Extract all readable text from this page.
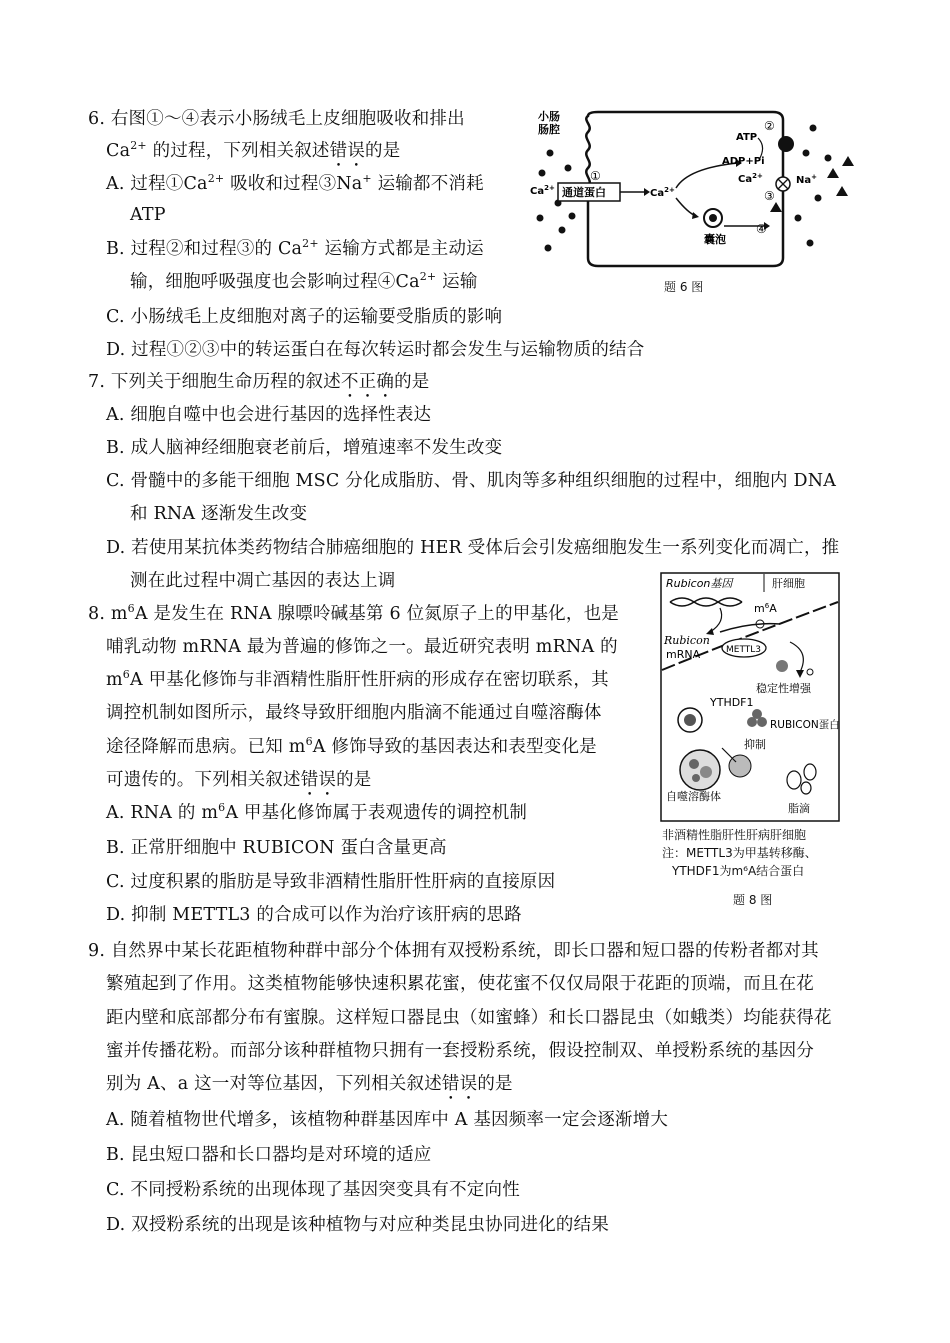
6. 右图①～④表示小肠绒毛上皮细胞吸收和排出
$Ca^{2+}$ 的过程，下列相关叙述错误的是
A. 过程$①Ca^{2+}$ 吸收和过程③Na+ 运输都不消耗
ATP
B. 过程②和过程③的 $Ca^{2+}$ 运输方式都是主动运
输，细胞呼吸强度也会影响过程$④Ca^{2+}$ 运输
C. 小肠绒毛上皮细胞对离子的运输要受脂质的影响
D. 过程①②③中的转运蛋白在每次转运时都会发生与运输物质的结合
小肠
肠腔
$Ca^{2+}$ 通道蛋白
①
$Ca^{2+}$
囊泡
④
ATP
ADP+Pi
②
$Ca^{2+}$
③
Na+
题 6 图
7. 下列关于细胞生命历程的叙述不正确的是
A. 细胞自噬中也会进行基因的选择性表达
B. 成人脑神经细胞衰老前后，增殖速率不发生改变
C. 骨髓中的多能干细胞 MSC 分化成脂肪、骨、肌肉等多种组织细胞的过程中，细胞内 DNA
和 RNA 逐渐发生改变
D. 若使用某抗体类药物结合肺癌细胞的 HER 受体后会引发癌细胞发生一系列变化而凋亡，推
测在此过程中凋亡基因的表达上调
8. $m^6A$ 是发生在 RNA 腺嘌呤碱基第 6 位氮原子上的甲基化，也是
哺乳动物 mRNA 最为普遍的修饰之一。最近研究表明 mRNA 的
$m^6A$ 甲基化修饰与非酒精性脂肝性肝病的形成存在密切联系，其
调控机制如图所示，最终导致肝细胞内脂滴不能通过自噬溶酶体
途径降解而患病。已知 $m^6A$ 修饰导致的基因表达和表型变化是
可遗传的。下列相关叙述错误的是
A. RNA 的 $m^6A$ 甲基化修饰属于表观遗传的调控机制
B. 正常肝细胞中 RUBICON 蛋白含量更高
C. 过度积累的脂肪是导致非酒精性脂肝性肝病的直接原因
D. 抑制 METTL3 的合成可以作为治疗该肝病的思路
Rubicon基因	肝细胞
$m^6A$
Rubicon
mRNA	METTL3
稳定性增强
YTHDF1
RUBICON蛋白
抑制
自噬溶酶体
脂滴
非酒精性脂肝性肝病肝细胞
注：METTL3为甲基转移酶、
YTHDF1为m⁶A结合蛋白
题 8 图
9. 自然界中某长花距植物种群中部分个体拥有双授粉系统，即长口器和短口器的传粉者都对其
繁殖起到了作用。这类植物能够快速积累花蜜，使花蜜不仅仅局限于花距的顶端，而且在花
距内壁和底部都分布有蜜腺。这样短口器昆虫（如蜜蜂）和长口器昆虫（如蛾类）均能获得花
蜜并传播花粉。而部分该种群植物只拥有一套授粉系统，假设控制双、单授粉系统的基因分
别为 A、a 这一对等位基因，下列相关叙述错误的是
A. 随着植物世代增多，该植物种群基因库中 A 基因频率一定会逐渐增大
B. 昆虫短口器和长口器均是对环境的适应
C. 不同授粉系统的出现体现了基因突变具有不定向性
D. 双授粉系统的出现是该种植物与对应种类昆虫协同进化的结果
